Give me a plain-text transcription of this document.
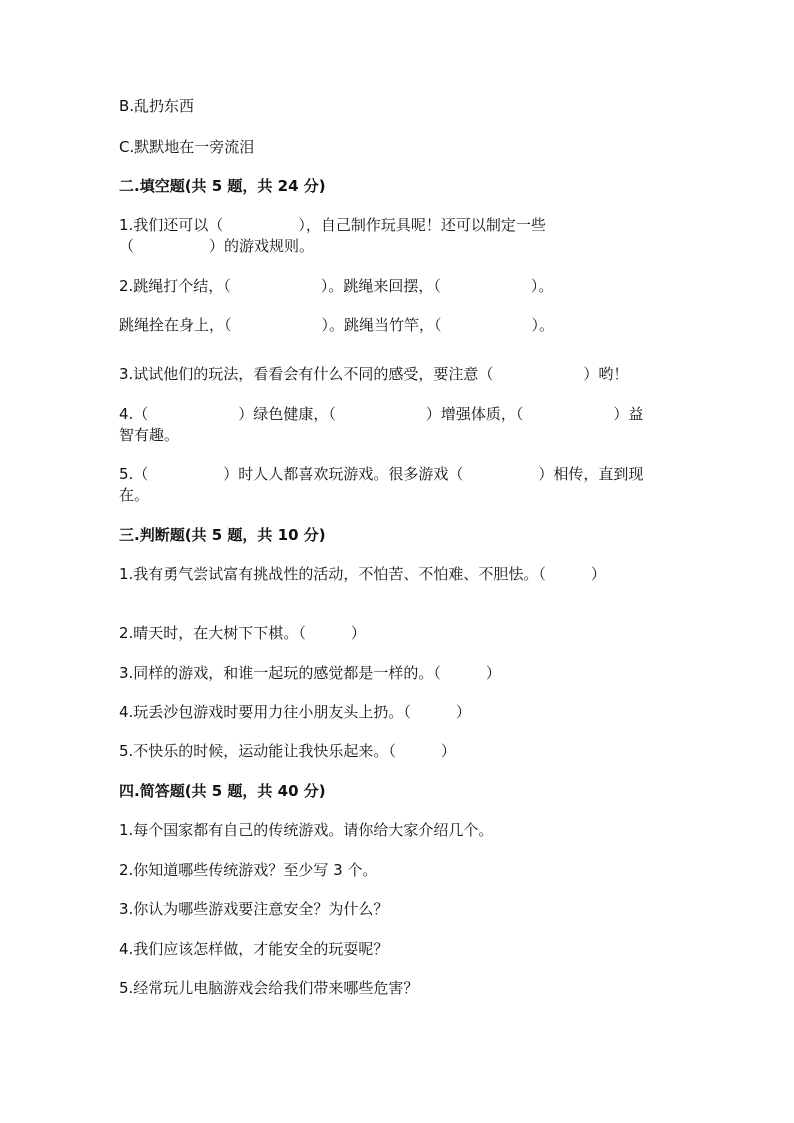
B.乱扔东西
C.默默地在一旁流泪
二.填空题(共 5 题，共 24 分)
1.我们还可以（　　　　　），自己制作玩具呢！还可以制定一些
（　　　　　）的游戏规则。
2.跳绳打个结，（　　　　　　）。跳绳来回摆，（　　　　　　）。
跳绳拴在身上，（　　　　　　）。跳绳当竹竿，（　　　　　　）。
3.试试他们的玩法，看看会有什么不同的感受，要注意（　　　　　　）哟！
4.（　　　　　　）绿色健康，（　　　　　　）增强体质，（　　　　　　）益
智有趣。
5.（　　　　　）时人人都喜欢玩游戏。很多游戏（　　　　　）相传，直到现
在。
三.判断题(共 5 题，共 10 分)
1.我有勇气尝试富有挑战性的活动，不怕苦、不怕难、不胆怯。（　　　）
2.晴天时，在大树下下棋。（　　　）
3.同样的游戏，和谁一起玩的感觉都是一样的。（　　　）
4.玩丢沙包游戏时要用力往小朋友头上扔。（　　　）
5.不快乐的时候，运动能让我快乐起来。（　　　）
四.简答题(共 5 题，共 40 分)
1.每个国家都有自己的传统游戏。请你给大家介绍几个。
2.你知道哪些传统游戏？至少写 3 个。
3.你认为哪些游戏要注意安全？为什么？
4.我们应该怎样做，才能安全的玩耍呢？
5.经常玩儿电脑游戏会给我们带来哪些危害？
